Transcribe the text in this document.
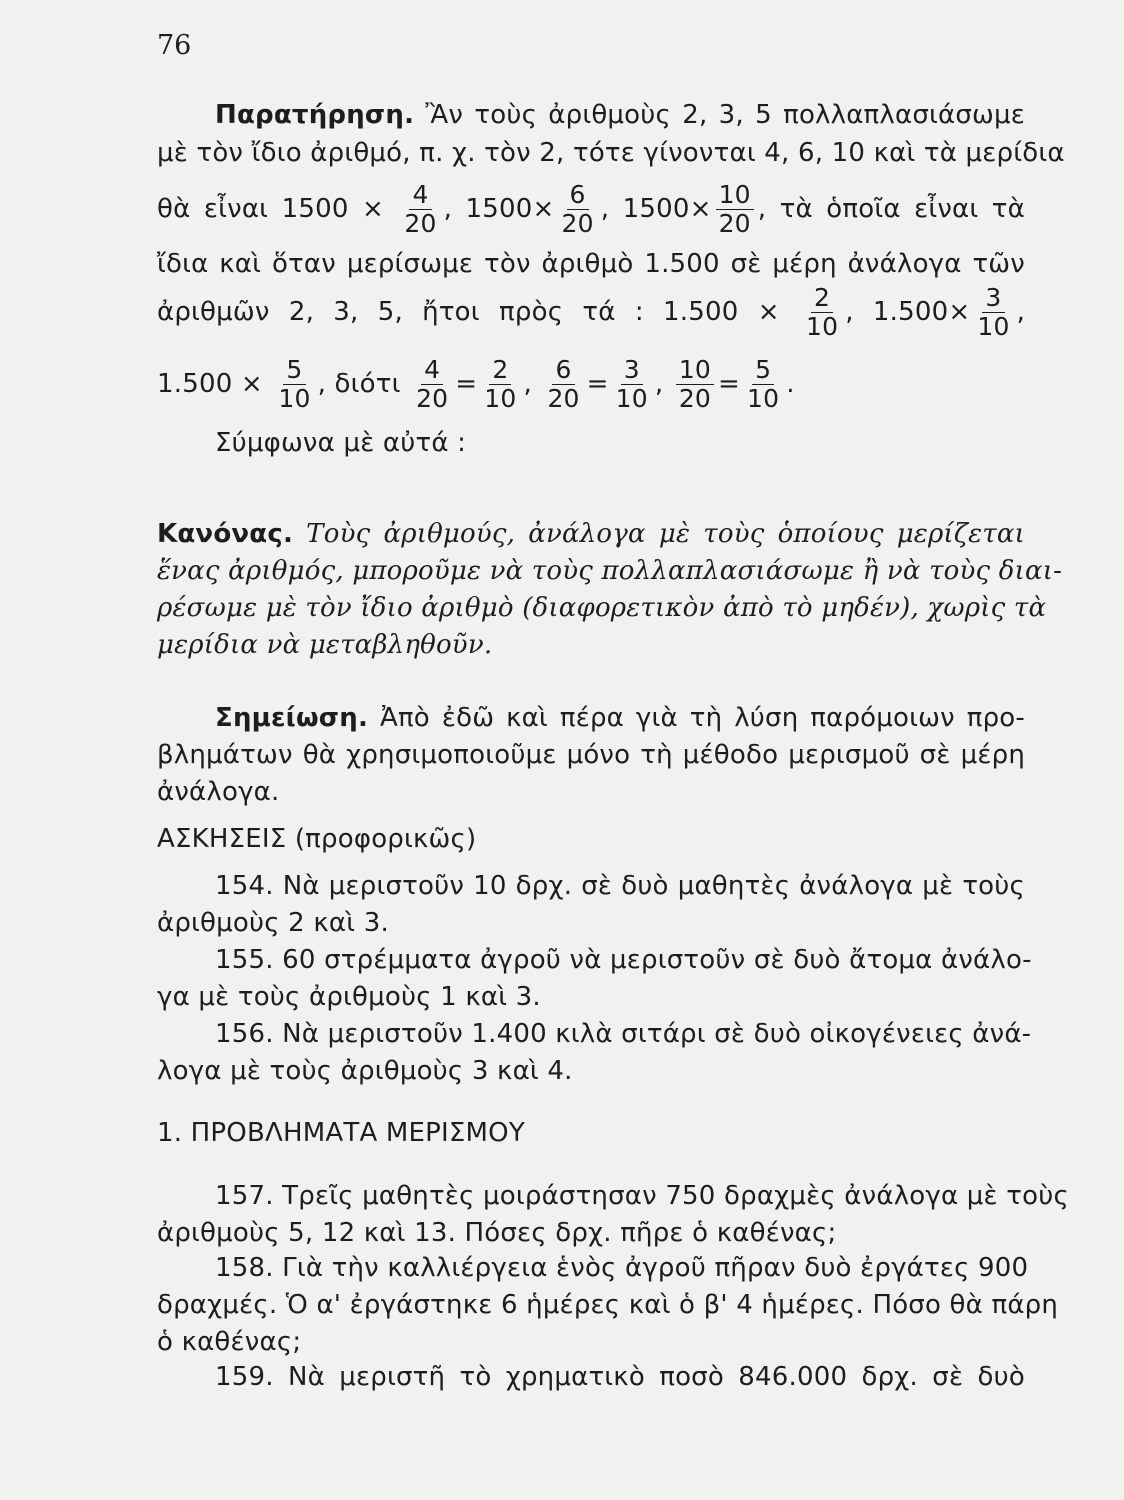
76
Παρατήρηση. Ἂν τοὺς ἀριθμοὺς 2, 3, 5 πολλαπλασιάσωμε
μὲ τὸν ἴδιο ἀριθμό, π. χ. τὸν 2, τότε γίνονται 4, 6, 10 καὶ τὰ μερίδια
θὰ εἶναι $1500 \times \frac{4}{20}$ , $1500\times \frac{6}{20}$ , $1500\times \frac{10}{20}$ , τὰ ὁποῖα εἶναι τὰ
ἴδια καὶ ὅταν μερίσωμε τὸν ἀριθμὸ 1.500 σὲ μέρη ἀνάλογα τῶν
ἀριθμῶν 2, 3, 5, ἤτοι πρὸς τά : $1.500 \times \frac{2}{10}$ , $1.500\times \frac{3}{10}$ ,
$1.500 \times \frac{5}{10}$ , διότι $\frac{4}{20} = \frac{2}{10}$ , $\frac{6}{20} = \frac{3}{10}$ , $\frac{10}{20} = \frac{5}{10}$ .
Σύμφωνα μὲ αὐτά :
Κανόνας. Τοὺς ἀριθμούς, ἀνάλογα μὲ τοὺς ὁποίους μερίζεται
ἕνας ἀριθμός, μποροῦμε νὰ τοὺς πολλαπλασιάσωμε ἢ νὰ τοὺς διαι-
ρέσωμε μὲ τὸν ἴδιο ἀριθμὸ (διαφορετικὸν ἀπὸ τὸ μηδέν), χωρὶς τὰ
μερίδια νὰ μεταβληθοῦν.
Σημείωση. Ἀπὸ ἐδῶ καὶ πέρα γιὰ τὴ λύση παρόμοιων προ-
βλημάτων θὰ χρησιμοποιοῦμε μόνο τὴ μέθοδο μερισμοῦ σὲ μέρη
ἀνάλογα.
ΑΣΚΗΣΕΙΣ (προφορικῶς)
154. Νὰ μεριστοῦν 10 δρχ. σὲ δυὸ μαθητὲς ἀνάλογα μὲ τοὺς
ἀριθμοὺς 2 καὶ 3.
155. 60 στρέμματα ἀγροῦ νὰ μεριστοῦν σὲ δυὸ ἄτομα ἀνάλο-
γα μὲ τοὺς ἀριθμοὺς 1 καὶ 3.
156. Νὰ μεριστοῦν 1.400 κιλὰ σιτάρι σὲ δυὸ οἰκογένειες ἀνά-
λογα μὲ τοὺς ἀριθμοὺς 3 καὶ 4.
1. ΠΡΟΒΛΗΜΑΤΑ ΜΕΡΙΣΜΟΥ
157. Τρεῖς μαθητὲς μοιράστησαν 750 δραχμὲς ἀνάλογα μὲ τοὺς
ἀριθμοὺς 5, 12 καὶ 13. Πόσες δρχ. πῆρε ὁ καθένας;
158. Γιὰ τὴν καλλιέργεια ἑνὸς ἀγροῦ πῆραν δυὸ ἐργάτες 900
δραχμές. Ὁ α' ἐργάστηκε 6 ἡμέρες καὶ ὁ β' 4 ἡμέρες. Πόσο θὰ πάρη
ὁ καθένας;
159. Νὰ μεριστῆ τὸ χρηματικὸ ποσὸ 846.000 δρχ. σὲ δυὸ
